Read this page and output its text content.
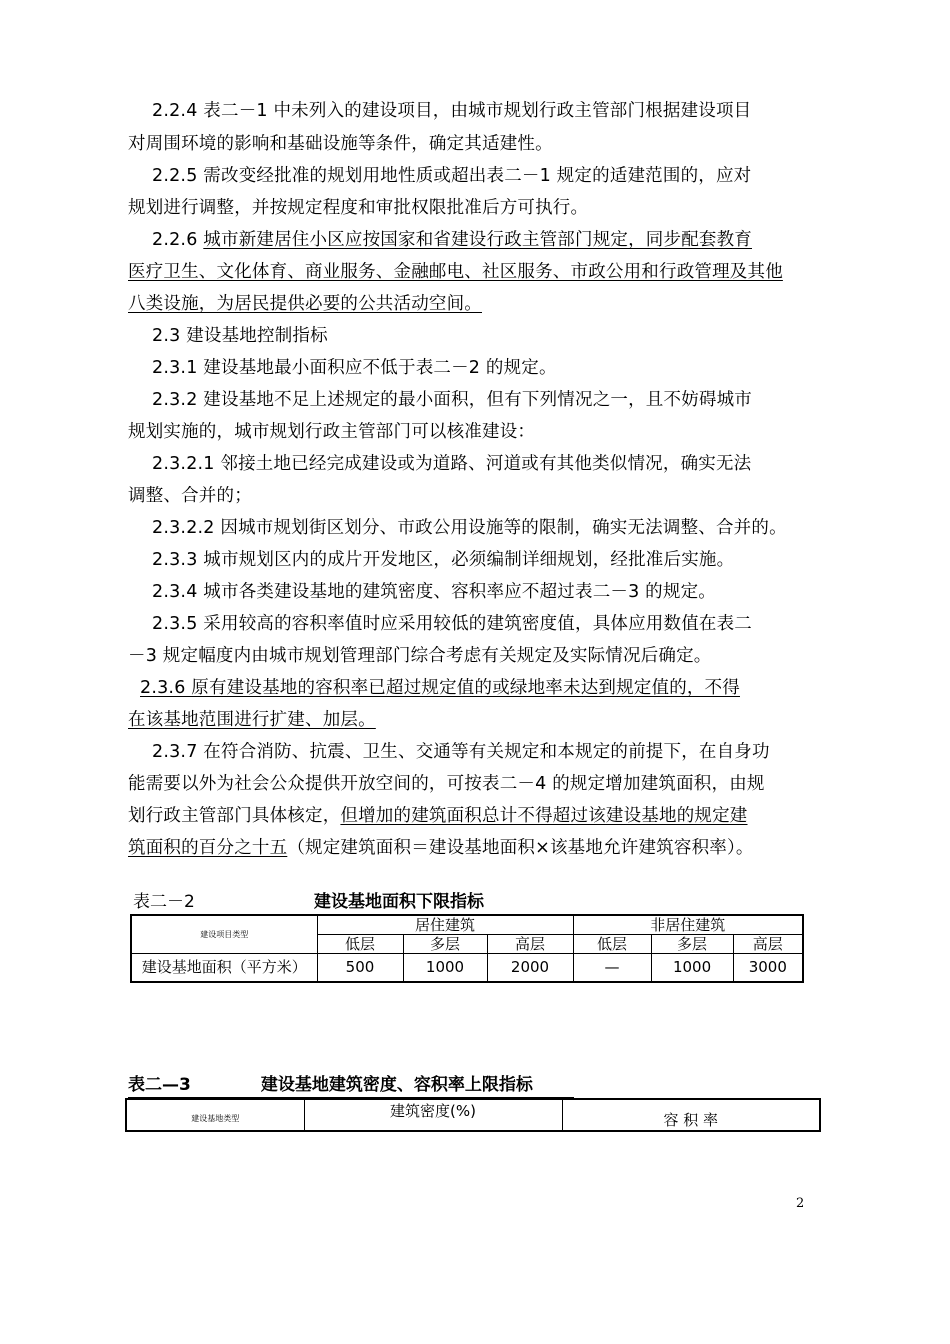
2.2.4 表二－1 中未列入的建设项目，由城市规划行政主管部门根据建设项目
对周围环境的影响和基础设施等条件，确定其适建性。
2.2.5 需改变经批准的规划用地性质或超出表二－1 规定的适建范围的，应对
规划进行调整，并按规定程度和审批权限批准后方可执行。
2.2.6 城市新建居住小区应按国家和省建设行政主管部门规定，同步配套教育
医疗卫生、文化体育、商业服务、金融邮电、社区服务、市政公用和行政管理及其他
八类设施，为居民提供必要的公共活动空间。
2.3 建设基地控制指标
2.3.1 建设基地最小面积应不低于表二－2 的规定。
2.3.2 建设基地不足上述规定的最小面积，但有下列情况之一，且不妨碍城市
规划实施的，城市规划行政主管部门可以核准建设：
2.3.2.1 邻接土地已经完成建设或为道路、河道或有其他类似情况，确实无法
调整、合并的；
2.3.2.2 因城市规划街区划分、市政公用设施等的限制，确实无法调整、合并的。
2.3.3 城市规划区内的成片开发地区，必须编制详细规划，经批准后实施。
2.3.4 城市各类建设基地的建筑密度、容积率应不超过表二－3 的规定。
2.3.5 采用较高的容积率值时应采用较低的建筑密度值，具体应用数值在表二
－3 规定幅度内由城市规划管理部门综合考虑有关规定及实际情况后确定。
2.3.6 原有建设基地的容积率已超过规定值的或绿地率未达到规定值的，不得
在该基地范围进行扩建、加层。
2.3.7 在符合消防、抗震、卫生、交通等有关规定和本规定的前提下，在自身功
能需要以外为社会公众提供开放空间的，可按表二－4 的规定增加建筑面积，由规
划行政主管部门具体核定，但增加的建筑面积总计不得超过该建设基地的规定建
筑面积的百分之十五（规定建筑面积＝建设基地面积×该基地允许建筑容积率）。
表二－2	建设基地面积下限指标
建设项目类型	居住建筑			非居住建筑		
	低层	多层	高层	低层	多层	高层
建设基地面积（平方米）	500	1000	2000	—	1000	3000
表二—3	建设基地建筑密度、容积率上限指标
建设基地类型	建筑密度(%)	容 积 率
2
